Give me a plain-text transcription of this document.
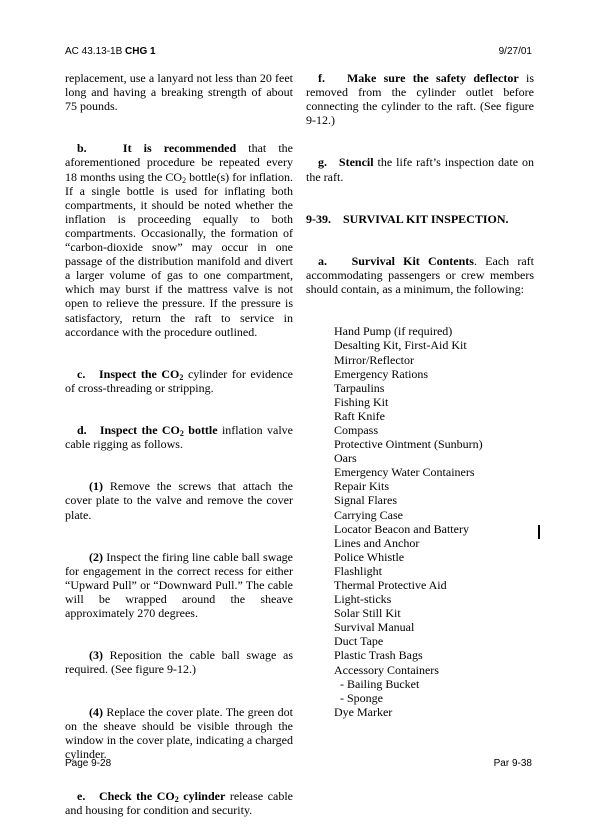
AC 43.13-1B CHG 1	9/27/01

replacement, use a lanyard not less than 20 feet long and having a breaking strength of about 75 pounds.

b.	It is recommended that the aforementioned procedure be repeated every 18 months using the $CO_2$ bottle(s) for inflation. If a single bottle is used for inflating both compartments, it should be noted whether the inflation is proceeding equally to both compartments. Occasionally, the formation of “carbon-dioxide snow” may occur in one passage of the distribution manifold and divert a larger volume of gas to one compartment, which may burst if the mattress valve is not open to relieve the pressure. If the pressure is satisfactory, return the raft to service in accordance with the procedure outlined.

c. Inspect the $CO_2$ cylinder for evidence of cross-threading or stripping.

d. Inspect the $CO_2$ bottle inflation valve cable rigging as follows.

(1) Remove the screws that attach the cover plate to the valve and remove the cover plate.

(2) Inspect the firing line cable ball swage for engagement in the correct recess for either “Upward Pull” or “Downward Pull.” The cable will be wrapped around the sheave approximately 270 degrees.

(3) Reposition the cable ball swage as required. (See figure 9-12.)

(4) Replace the cover plate. The green dot on the sheave should be visible through the window in the cover plate, indicating a charged cylinder.

e. Check the $CO_2$ cylinder release cable and housing for condition and security.

f. Make sure the safety deflector is removed from the cylinder outlet before connecting the cylinder to the raft. (See figure 9-12.)

g. Stencil the life raft’s inspection date on the raft.

9-39.    SURVIVAL KIT INSPECTION.

a. Survival Kit Contents. Each raft accommodating passengers or crew members should contain, as a minimum, the following:

Hand Pump (if required)
Desalting Kit, First-Aid Kit
Mirror/Reflector
Emergency Rations
Tarpaulins
Fishing Kit
Raft Knife
Compass
Protective Ointment (Sunburn)
Oars
Emergency Water Containers
Repair Kits
Signal Flares
Carrying Case
Locator Beacon and Battery
Lines and Anchor
Police Whistle
Flashlight
Thermal Protective Aid
Light-sticks
Solar Still Kit
Survival Manual
Duct Tape
Plastic Trash Bags
Accessory Containers
- Bailing Bucket
- Sponge
Dye Marker
Page 9-28	Par 9-38
